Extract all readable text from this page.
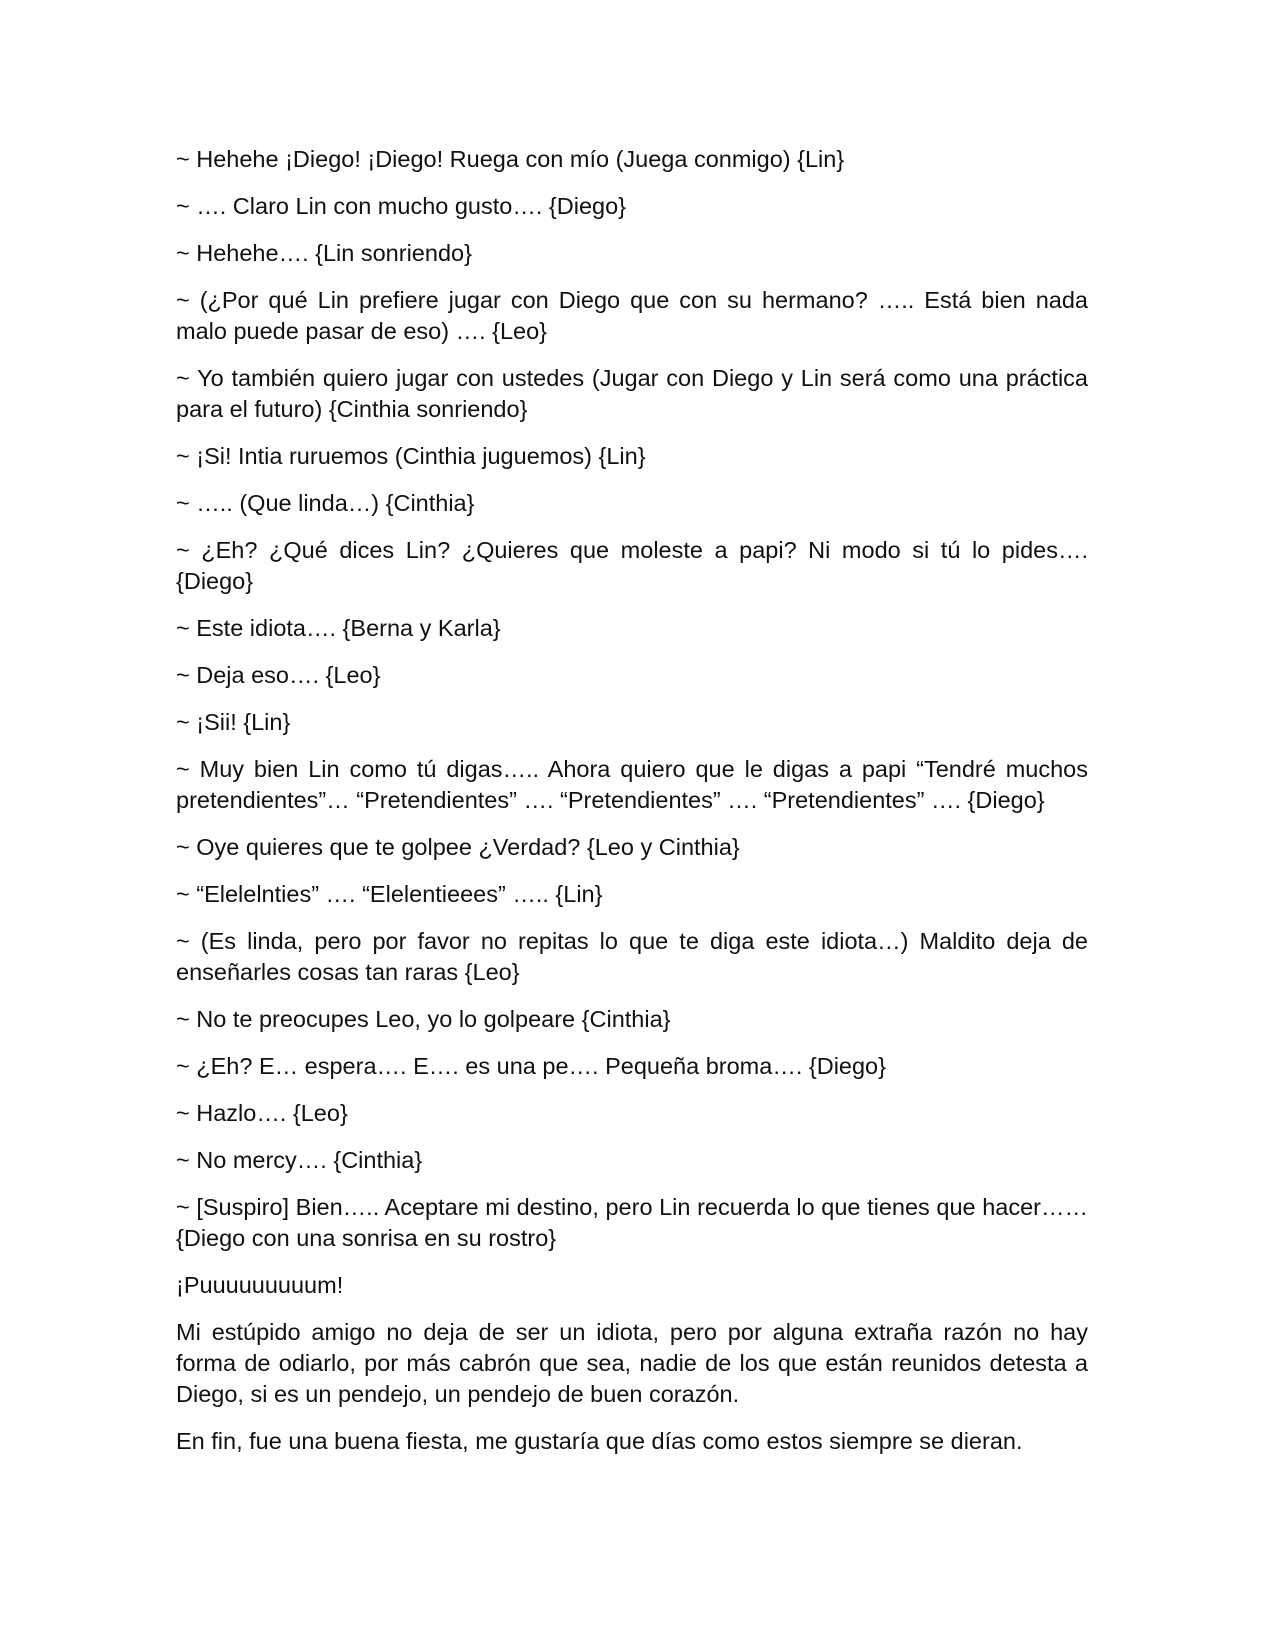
~ Hehehe ¡Diego! ¡Diego! Ruega con mío (Juega conmigo) {Lin}

~ …. Claro Lin con mucho gusto…. {Diego}

~ Hehehe…. {Lin sonriendo}

~ (¿Por qué Lin prefiere jugar con Diego que con su hermano? ….. Está bien nada malo puede pasar de eso) …. {Leo}

~ Yo también quiero jugar con ustedes (Jugar con Diego y Lin será como una práctica para el futuro) {Cinthia sonriendo}

~ ¡Si! Intia ruruemos (Cinthia juguemos) {Lin}

~ ….. (Que linda…) {Cinthia}

~ ¿Eh? ¿Qué dices Lin? ¿Quieres que moleste a papi? Ni modo si tú lo pides…. {Diego}

~ Este idiota…. {Berna y Karla}

~ Deja eso…. {Leo}

~ ¡Sii! {Lin}

~ Muy bien Lin como tú digas….. Ahora quiero que le digas a papi “Tendré muchos pretendientes”… “Pretendientes” …. “Pretendientes” …. “Pretendientes” …. {Diego}

~ Oye quieres que te golpee ¿Verdad? {Leo y Cinthia}

~ “Elelelnties” …. “Elelentieees” ….. {Lin}

~ (Es linda, pero por favor no repitas lo que te diga este idiota…) Maldito deja de enseñarles cosas tan raras {Leo}

~ No te preocupes Leo, yo lo golpeare {Cinthia}

~ ¿Eh? E… espera…. E…. es una pe…. Pequeña broma…. {Diego}

~ Hazlo…. {Leo}

~ No mercy…. {Cinthia}

~ [Suspiro] Bien….. Aceptare mi destino, pero Lin recuerda lo que tienes que hacer…… {Diego con una sonrisa en su rostro}

¡Puuuuuuuuum!

Mi estúpido amigo no deja de ser un idiota, pero por alguna extraña razón no hay forma de odiarlo, por más cabrón que sea, nadie de los que están reunidos detesta a Diego, si es un pendejo, un pendejo de buen corazón.

En fin, fue una buena fiesta, me gustaría que días como estos siempre se dieran.
